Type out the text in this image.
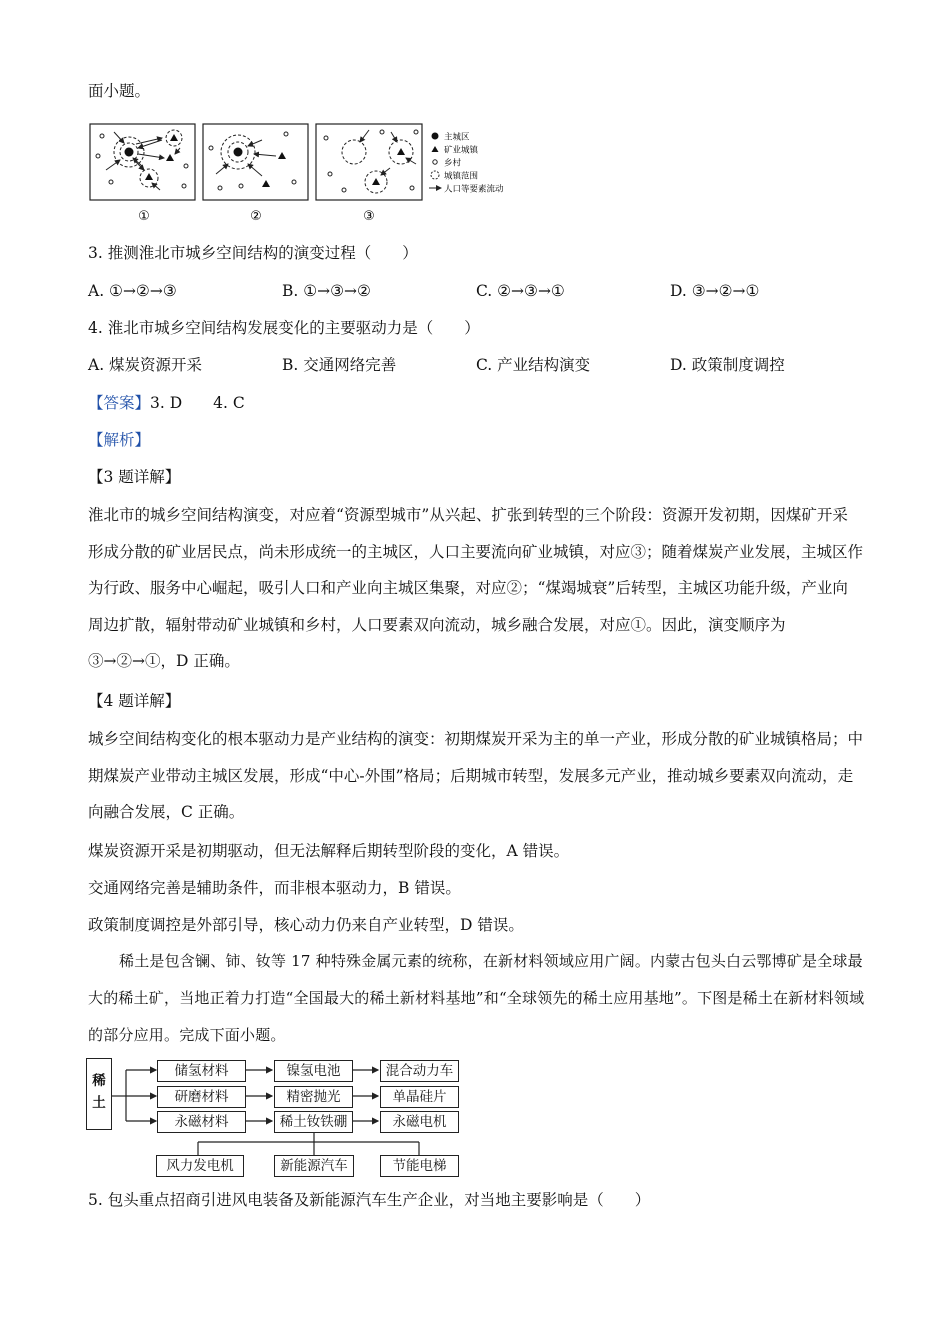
面小题。
①	②	③
主城区
矿业城镇
乡村
城镇范围
人口等要素流动
3. 推测淮北市城乡空间结构的演变过程（　　）
A. ①→②→③	B. ①→③→②	C. ②→③→①	D. ③→②→①
4. 淮北市城乡空间结构发展变化的主要驱动力是（　　）
A. 煤炭资源开采	B. 交通网络完善	C. 产业结构演变	D. 政策制度调控
【答案】3. D　　4. C
【解析】
【3 题详解】
淮北市的城乡空间结构演变，对应着“资源型城市”从兴起、扩张到转型的三个阶段：资源开发初期，因煤矿开采形成分散的矿业居民点，尚未形成统一的主城区，人口主要流向矿业城镇，对应③；随着煤炭产业发展，主城区作为行政、服务中心崛起，吸引人口和产业向主城区集聚，对应②；“煤竭城衰”后转型，主城区功能升级，产业向周边扩散，辐射带动矿业城镇和乡村，人口要素双向流动，城乡融合发展，对应①。因此，演变顺序为③→②→①，D 正确。
【4 题详解】
城乡空间结构变化的根本驱动力是产业结构的演变：初期煤炭开采为主的单一产业，形成分散的矿业城镇格局；中期煤炭产业带动主城区发展，形成“中心-外围”格局；后期城市转型，发展多元产业，推动城乡要素双向流动，走向融合发展，C 正确。
煤炭资源开采是初期驱动，但无法解释后期转型阶段的变化，A 错误。
交通网络完善是辅助条件，而非根本驱动力，B 错误。
政策制度调控是外部引导，核心动力仍来自产业转型，D 错误。
稀土是包含镧、铈、钕等 17 种特殊金属元素的统称，在新材料领域应用广阔。内蒙古包头白云鄂博矿是全球最大的稀土矿，当地正着力打造“全国最大的稀土新材料基地”和“全球领先的稀土应用基地”。下图是稀土在新材料领域的部分应用。完成下面小题。
稀土
储氢材料
研磨材料
永磁材料
镍氢电池
精密抛光
稀土钕铁硼
混合动力车
单晶硅片
永磁电机
风力发电机	新能源汽车	节能电梯
5. 包头重点招商引进风电装备及新能源汽车生产企业，对当地主要影响是（　　）
